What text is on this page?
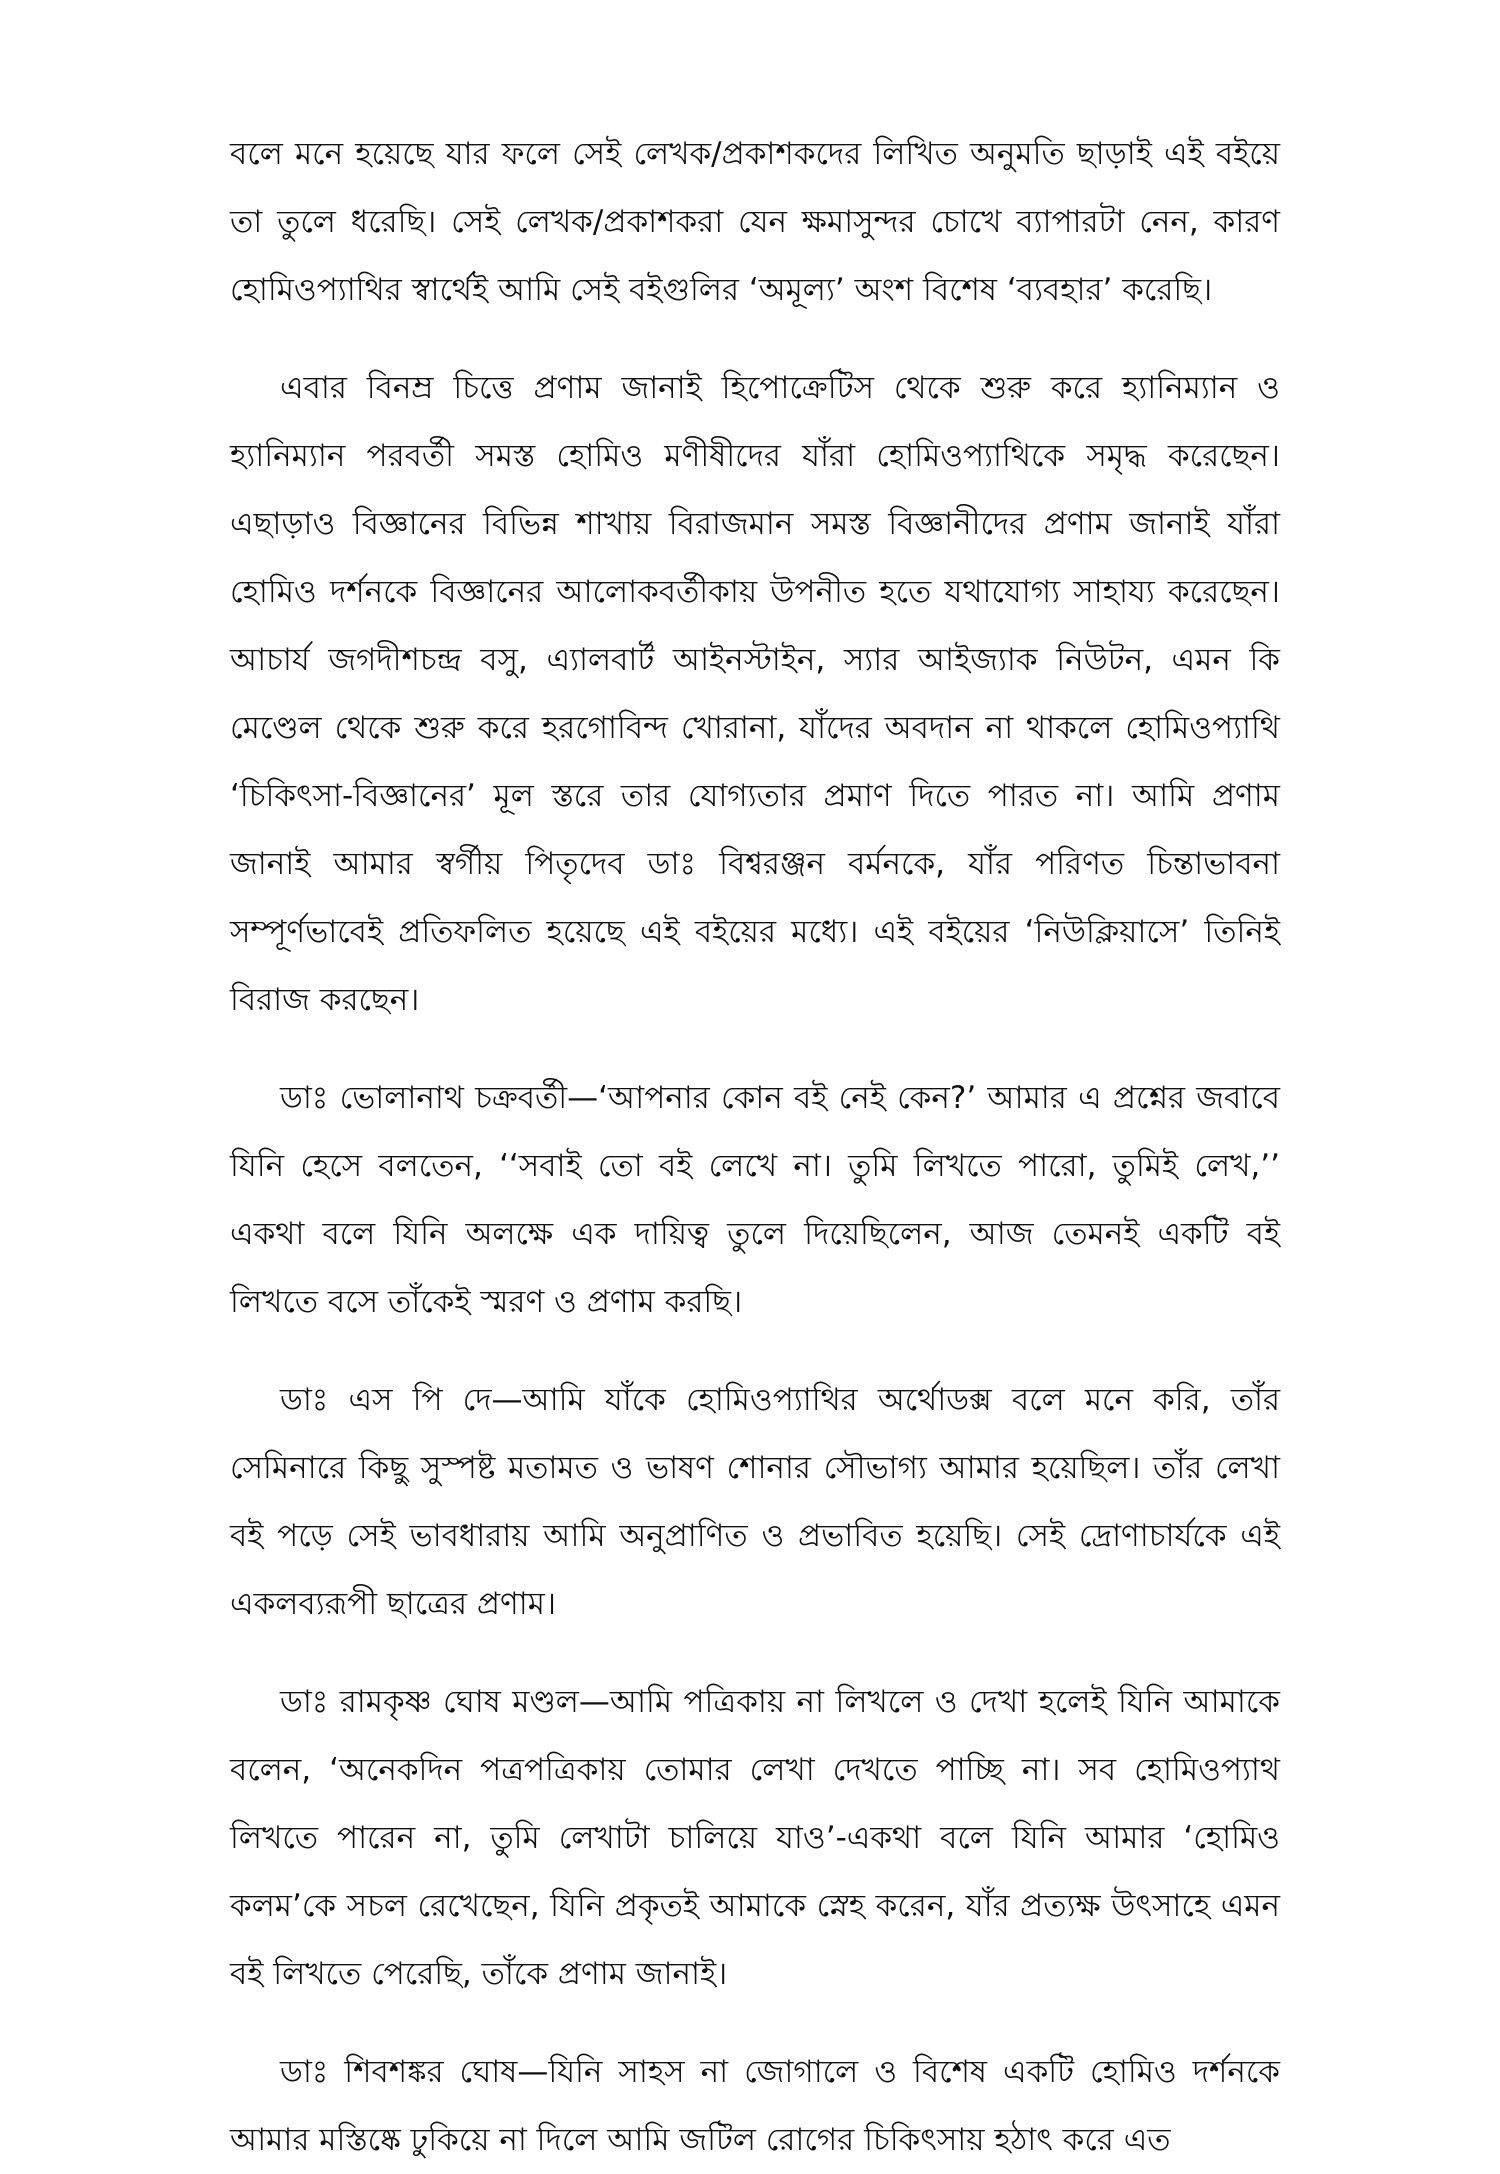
বলে মনে হয়েছে যার ফলে সেই লেখক/প্রকাশকদের লিখিত অনুমতি ছাড়াই এই বইয়ে তা তুলে ধরেছি। সেই লেখক/প্রকাশকরা যেন ক্ষমাসুন্দর চোখে ব্যাপারটা নেন, কারণ হোমিওপ্যাথির স্বার্থেই আমি সেই বইগুলির ‘অমূল্য’ অংশ বিশেষ ‘ব্যবহার’ করেছি।

এবার বিনম্র চিত্তে প্রণাম জানাই হিপোক্রেটিস থেকে শুরু করে হ্যানিম্যান ও হ্যানিম্যান পরবর্তী সমস্ত হোমিও মণীষীদের যাঁরা হোমিওপ্যাথিকে সমৃদ্ধ করেছেন। এছাড়াও বিজ্ঞানের বিভিন্ন শাখায় বিরাজমান সমস্ত বিজ্ঞানীদের প্রণাম জানাই যাঁরা হোমিও দর্শনকে বিজ্ঞানের আলোকবর্তীকায় উপনীত হতে যথাযোগ্য সাহায্য করেছেন। আচার্য জগদীশচন্দ্র বসু, এ্যালবার্ট আইনস্টাইন, স্যার আইজ্যাক নিউটন, এমন কি মেণ্ডেল থেকে শুরু করে হরগোবিন্দ খোরানা, যাঁদের অবদান না থাকলে হোমিওপ্যাথি ‘চিকিৎসা-বিজ্ঞানের’ মূল স্তরে তার যোগ্যতার প্রমাণ দিতে পারত না। আমি প্রণাম জানাই আমার স্বর্গীয় পিতৃদেব ডাঃ বিশ্বরঞ্জন বর্মনকে, যাঁর পরিণত চিন্তাভাবনা সম্পূর্ণভাবেই প্রতিফলিত হয়েছে এই বইয়ের মধ্যে। এই বইয়ের ‘নিউক্লিয়াসে’ তিনিই বিরাজ করছেন।

ডাঃ ভোলানাথ চক্রবর্তী—‘আপনার কোন বই নেই কেন?’ আমার এ প্রশ্নের জবাবে যিনি হেসে বলতেন, ‘‘সবাই তো বই লেখে না। তুমি লিখতে পারো, তুমিই লেখ,’’ একথা বলে যিনি অলক্ষে এক দায়িত্ব তুলে দিয়েছিলেন, আজ তেমনই একটি বই লিখতে বসে তাঁকেই স্মরণ ও প্রণাম করছি।

ডাঃ এস পি দে—আমি যাঁকে হোমিওপ্যাথির অর্থোডক্স বলে মনে করি, তাঁর সেমিনারে কিছু সুস্পষ্ট মতামত ও ভাষণ শোনার সৌভাগ্য আমার হয়েছিল। তাঁর লেখা বই পড়ে সেই ভাবধারায় আমি অনুপ্রাণিত ও প্রভাবিত হয়েছি। সেই দ্রোণাচার্যকে এই একলব্যরূপী ছাত্রের প্রণাম।

ডাঃ রামকৃষ্ণ ঘোষ মণ্ডল—আমি পত্রিকায় না লিখলে ও দেখা হলেই যিনি আমাকে বলেন, ‘অনেকদিন পত্রপত্রিকায় তোমার লেখা দেখতে পাচ্ছি না। সব হোমিওপ্যাথ লিখতে পারেন না, তুমি লেখাটা চালিয়ে যাও’-একথা বলে যিনি আমার ‘হোমিও কলম’কে সচল রেখেছেন, যিনি প্রকৃতই আমাকে স্নেহ করেন, যাঁর প্রত্যক্ষ উৎসাহে এমন বই লিখতে পেরেছি, তাঁকে প্রণাম জানাই।

ডাঃ শিবশঙ্কর ঘোষ—যিনি সাহস না জোগালে ও বিশেষ একটি হোমিও দর্শনকে আমার মস্তিষ্কে ঢুকিয়ে না দিলে আমি জটিল রোগের চিকিৎসায় হঠাৎ করে এত
